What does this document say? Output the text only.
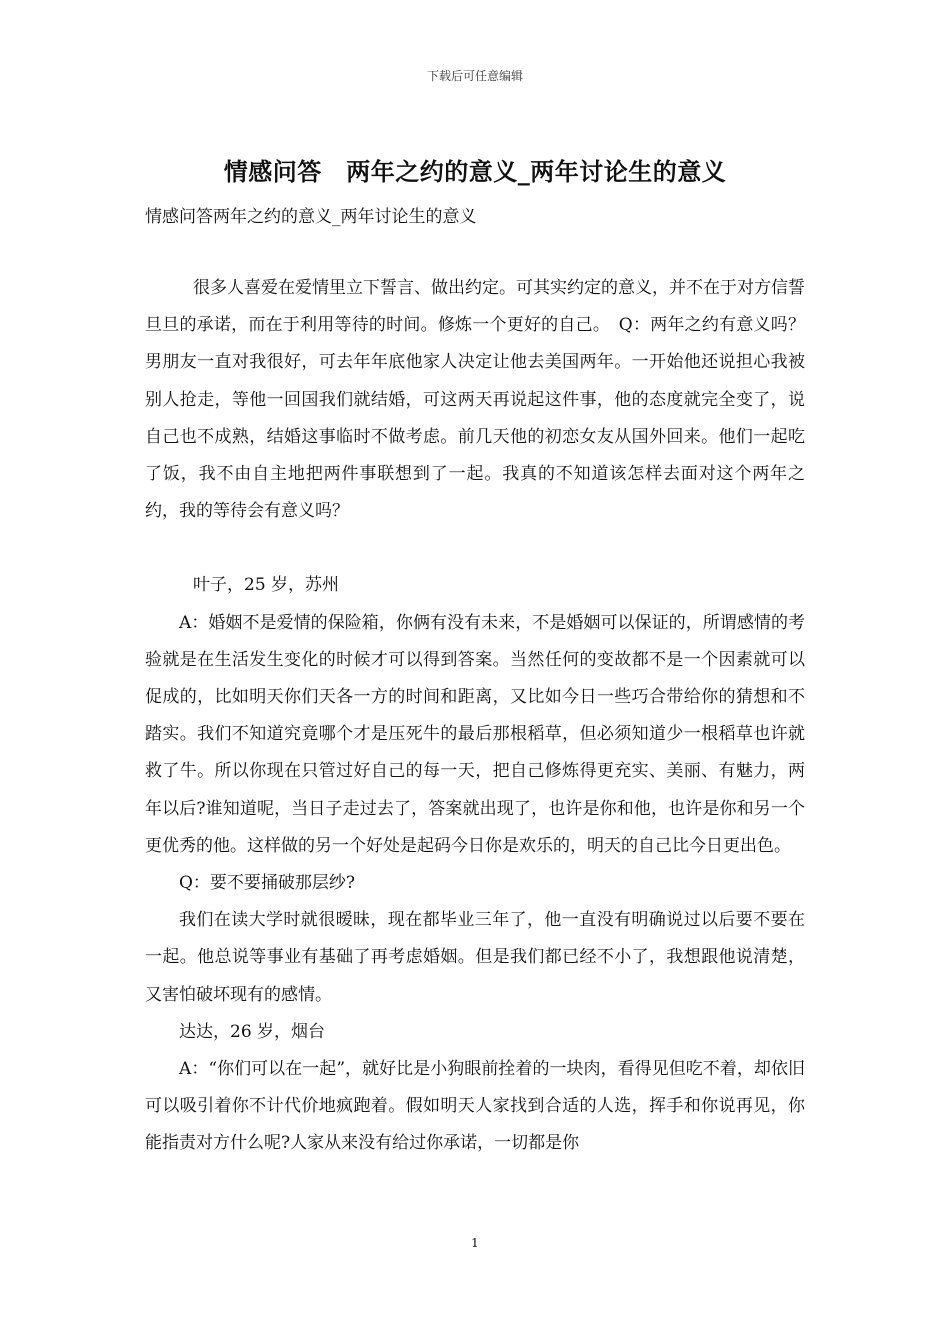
下载后可任意编辑
情感问答　两年之约的意义_两年讨论生的意义
情感问答两年之约的意义_两年讨论生的意义

很多人喜爱在爱情里立下誓言、做出约定。可其实约定的意义，并不在于对方信誓旦旦的承诺，而在于利用等待的时间。修炼一个更好的自己。　Q：两年之约有意义吗？男朋友一直对我很好，可去年年底他家人决定让他去美国两年。一开始他还说担心我被别人抢走，等他一回国我们就结婚，可这两天再说起这件事，他的态度就完全变了，说自己也不成熟，结婚这事临时不做考虑。前几天他的初恋女友从国外回来。他们一起吃了饭，我不由自主地把两件事联想到了一起。我真的不知道该怎样去面对这个两年之约，我的等待会有意义吗？

叶子，25 岁，苏州

A：婚姻不是爱情的保险箱，你俩有没有未来，不是婚姻可以保证的，所谓感情的考验就是在生活发生变化的时候才可以得到答案。当然任何的变故都不是一个因素就可以促成的，比如明天你们天各一方的时间和距离，又比如今日一些巧合带给你的猜想和不踏实。我们不知道究竟哪个才是压死牛的最后那根稻草，但必须知道少一根稻草也许就救了牛。所以你现在只管过好自己的每一天，把自己修炼得更充实、美丽、有魅力，两年以后?谁知道呢，当日子走过去了，答案就出现了，也许是你和他，也许是你和另一个更优秀的他。这样做的另一个好处是起码今日你是欢乐的，明天的自己比今日更出色。

Q：要不要捅破那层纱?

我们在读大学时就很暧昧，现在都毕业三年了，他一直没有明确说过以后要不要在一起。他总说等事业有基础了再考虑婚姻。但是我们都已经不小了，我想跟他说清楚，又害怕破坏现有的感情。

达达，26 岁，烟台

A：“你们可以在一起”，就好比是小狗眼前拴着的一块肉，看得见但吃不着，却依旧可以吸引着你不计代价地疯跑着。假如明天人家找到合适的人选，挥手和你说再见，你能指责对方什么呢?人家从来没有给过你承诺，一切都是你

1
